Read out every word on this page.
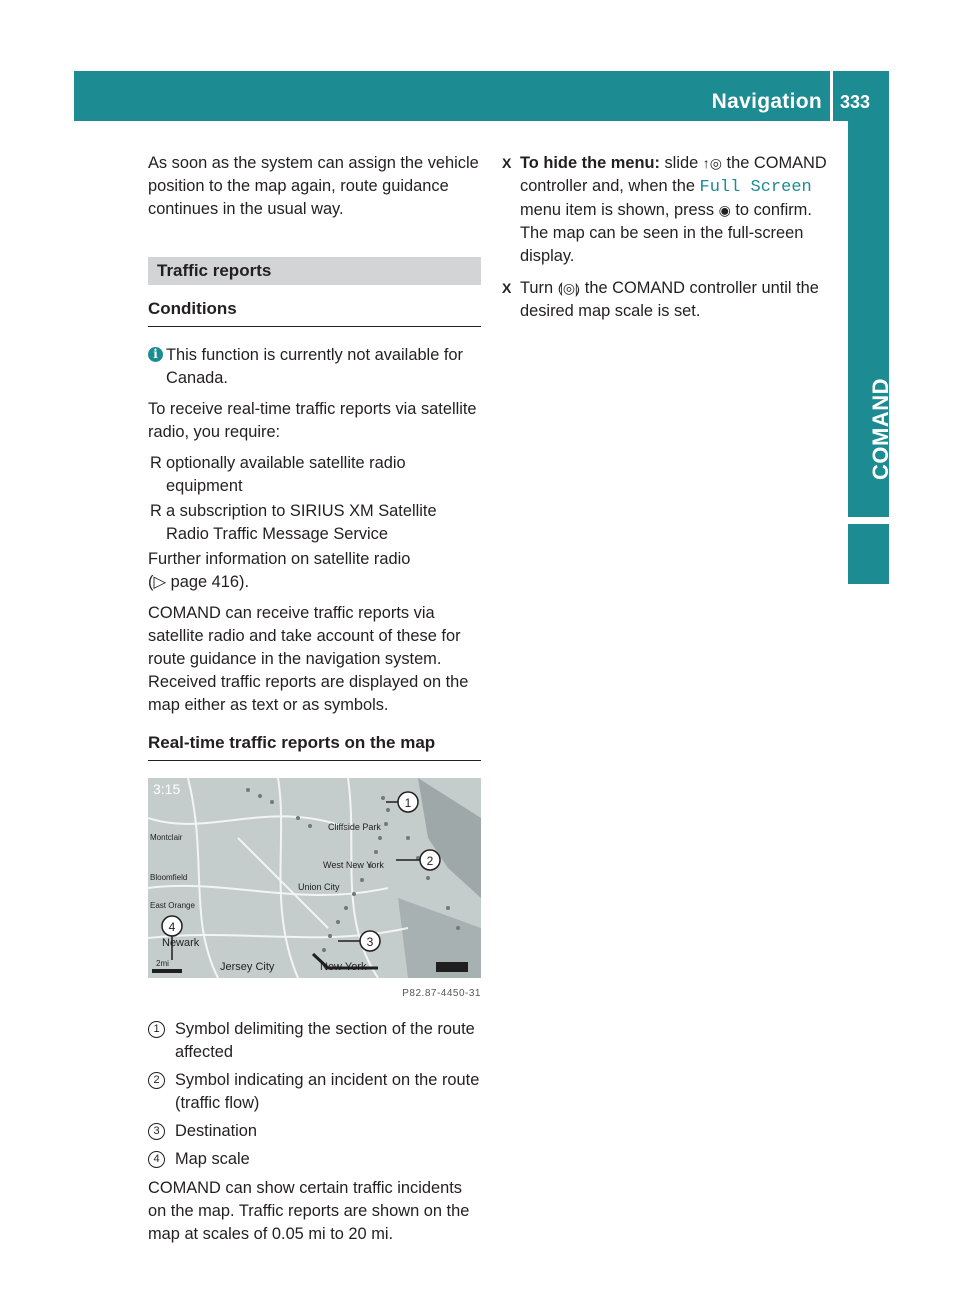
Navigation 333
COMAND

As soon as the system can assign the vehicle position to the map again, route guidance continues in the usual way.

Traffic reports
Conditions
i This function is currently not available for Canada.

To receive real-time traffic reports via satellite radio, you require:

R optionally available satellite radio equipment
R a subscription to SIRIUS XM Satellite Radio Traffic Message Service

Further information on satellite radio

(▷ page 416).

COMAND can receive traffic reports via satellite radio and take account of these for route guidance in the navigation system. Received traffic reports are displayed on the map either as text or as symbols.

Real-time traffic reports on the map
3:15
West New York
Cliffside Park
Union City
Bloomfield
Montclair
East Orange
Newark
Jersey City	New York
2mi
1
2
3
4
P82.87-4450-31
1 Symbol delimiting the section of the route affected
2 Symbol indicating an incident on the route (traffic flow)
3 Destination
4 Map scale

COMAND can show certain traffic incidents on the map. Traffic reports are shown on the map at scales of 0.05 mi to 20 mi.

X To hide the menu: slide ↑◎ the COMAND controller and, when the Full Screen menu item is shown, press ◉ to confirm. The map can be seen in the full-screen display.
X Turn ⟬◎⟭ the COMAND controller until the desired map scale is set.
